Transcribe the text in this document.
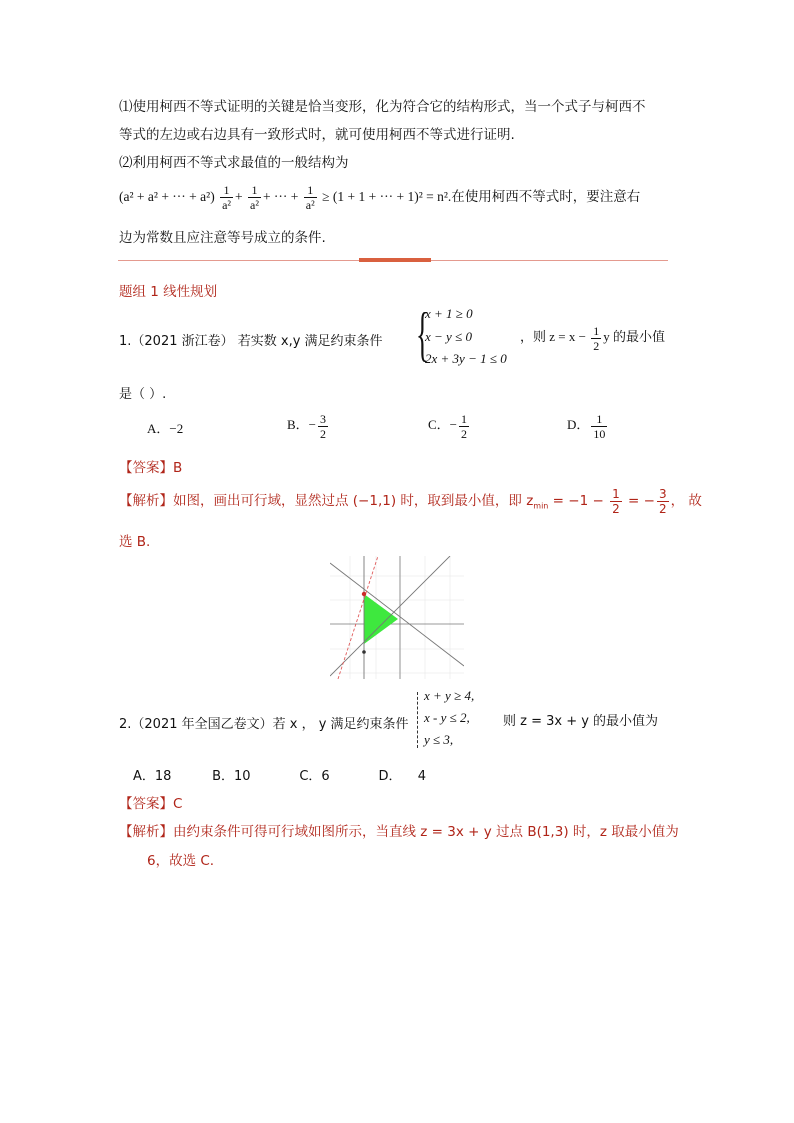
⑴使用柯西不等式证明的关键是恰当变形，化为符合它的结构形式，当一个式子与柯西不
等式的左边或右边具有一致形式时，就可使用柯西不等式进行证明.
⑵利用柯西不等式求最值的一般结构为
(a² + a² + ··· + $a^2) \frac{1}{\text{a²}} + \frac{1}{\text{a²}}$ + ··· + $\frac{1}{\text{a²}} \ge (1 + 1$ + ··· + 1)² = n².在使用柯西不等式时，要注意右
边为常数且应注意等号成立的条件.
题组 1 线性规划
1.（2021 浙江卷） 若实数 x,y 满足约束条件 {
x + 1 ≥ 0
x − y ≤ 0
2x + 3y − 1 ≤ 0
，则 $z = x - \frac{1}{2}$ y 的最小值
是（ ）.
A．−2	B．− $\frac{3}{2}$	C．− $\frac{1}{2}$	D． $\frac{1}{10}$
【答案】B
【解析】如图，画出可行域，显然过点 (−1,1) 时，取到最小值，即 $z_{min} = -1 - \frac{1}{2}$ = − $\frac{3}{2}$ ， 故
选 B.
2.（2021 年全国乙卷文）若 x ， y 满足约束条件
x + y ≥ 4,
x - y ≤ 2,
y ≤ 3,
则 z = 3x + y 的最小值为
A．18     B．10      C．6      D．  4
【答案】C
【解析】由约束条件可得可行域如图所示，当直线 z = 3x + y 过点 B(1,3) 时，z 取最小值为
6，故选 C.
